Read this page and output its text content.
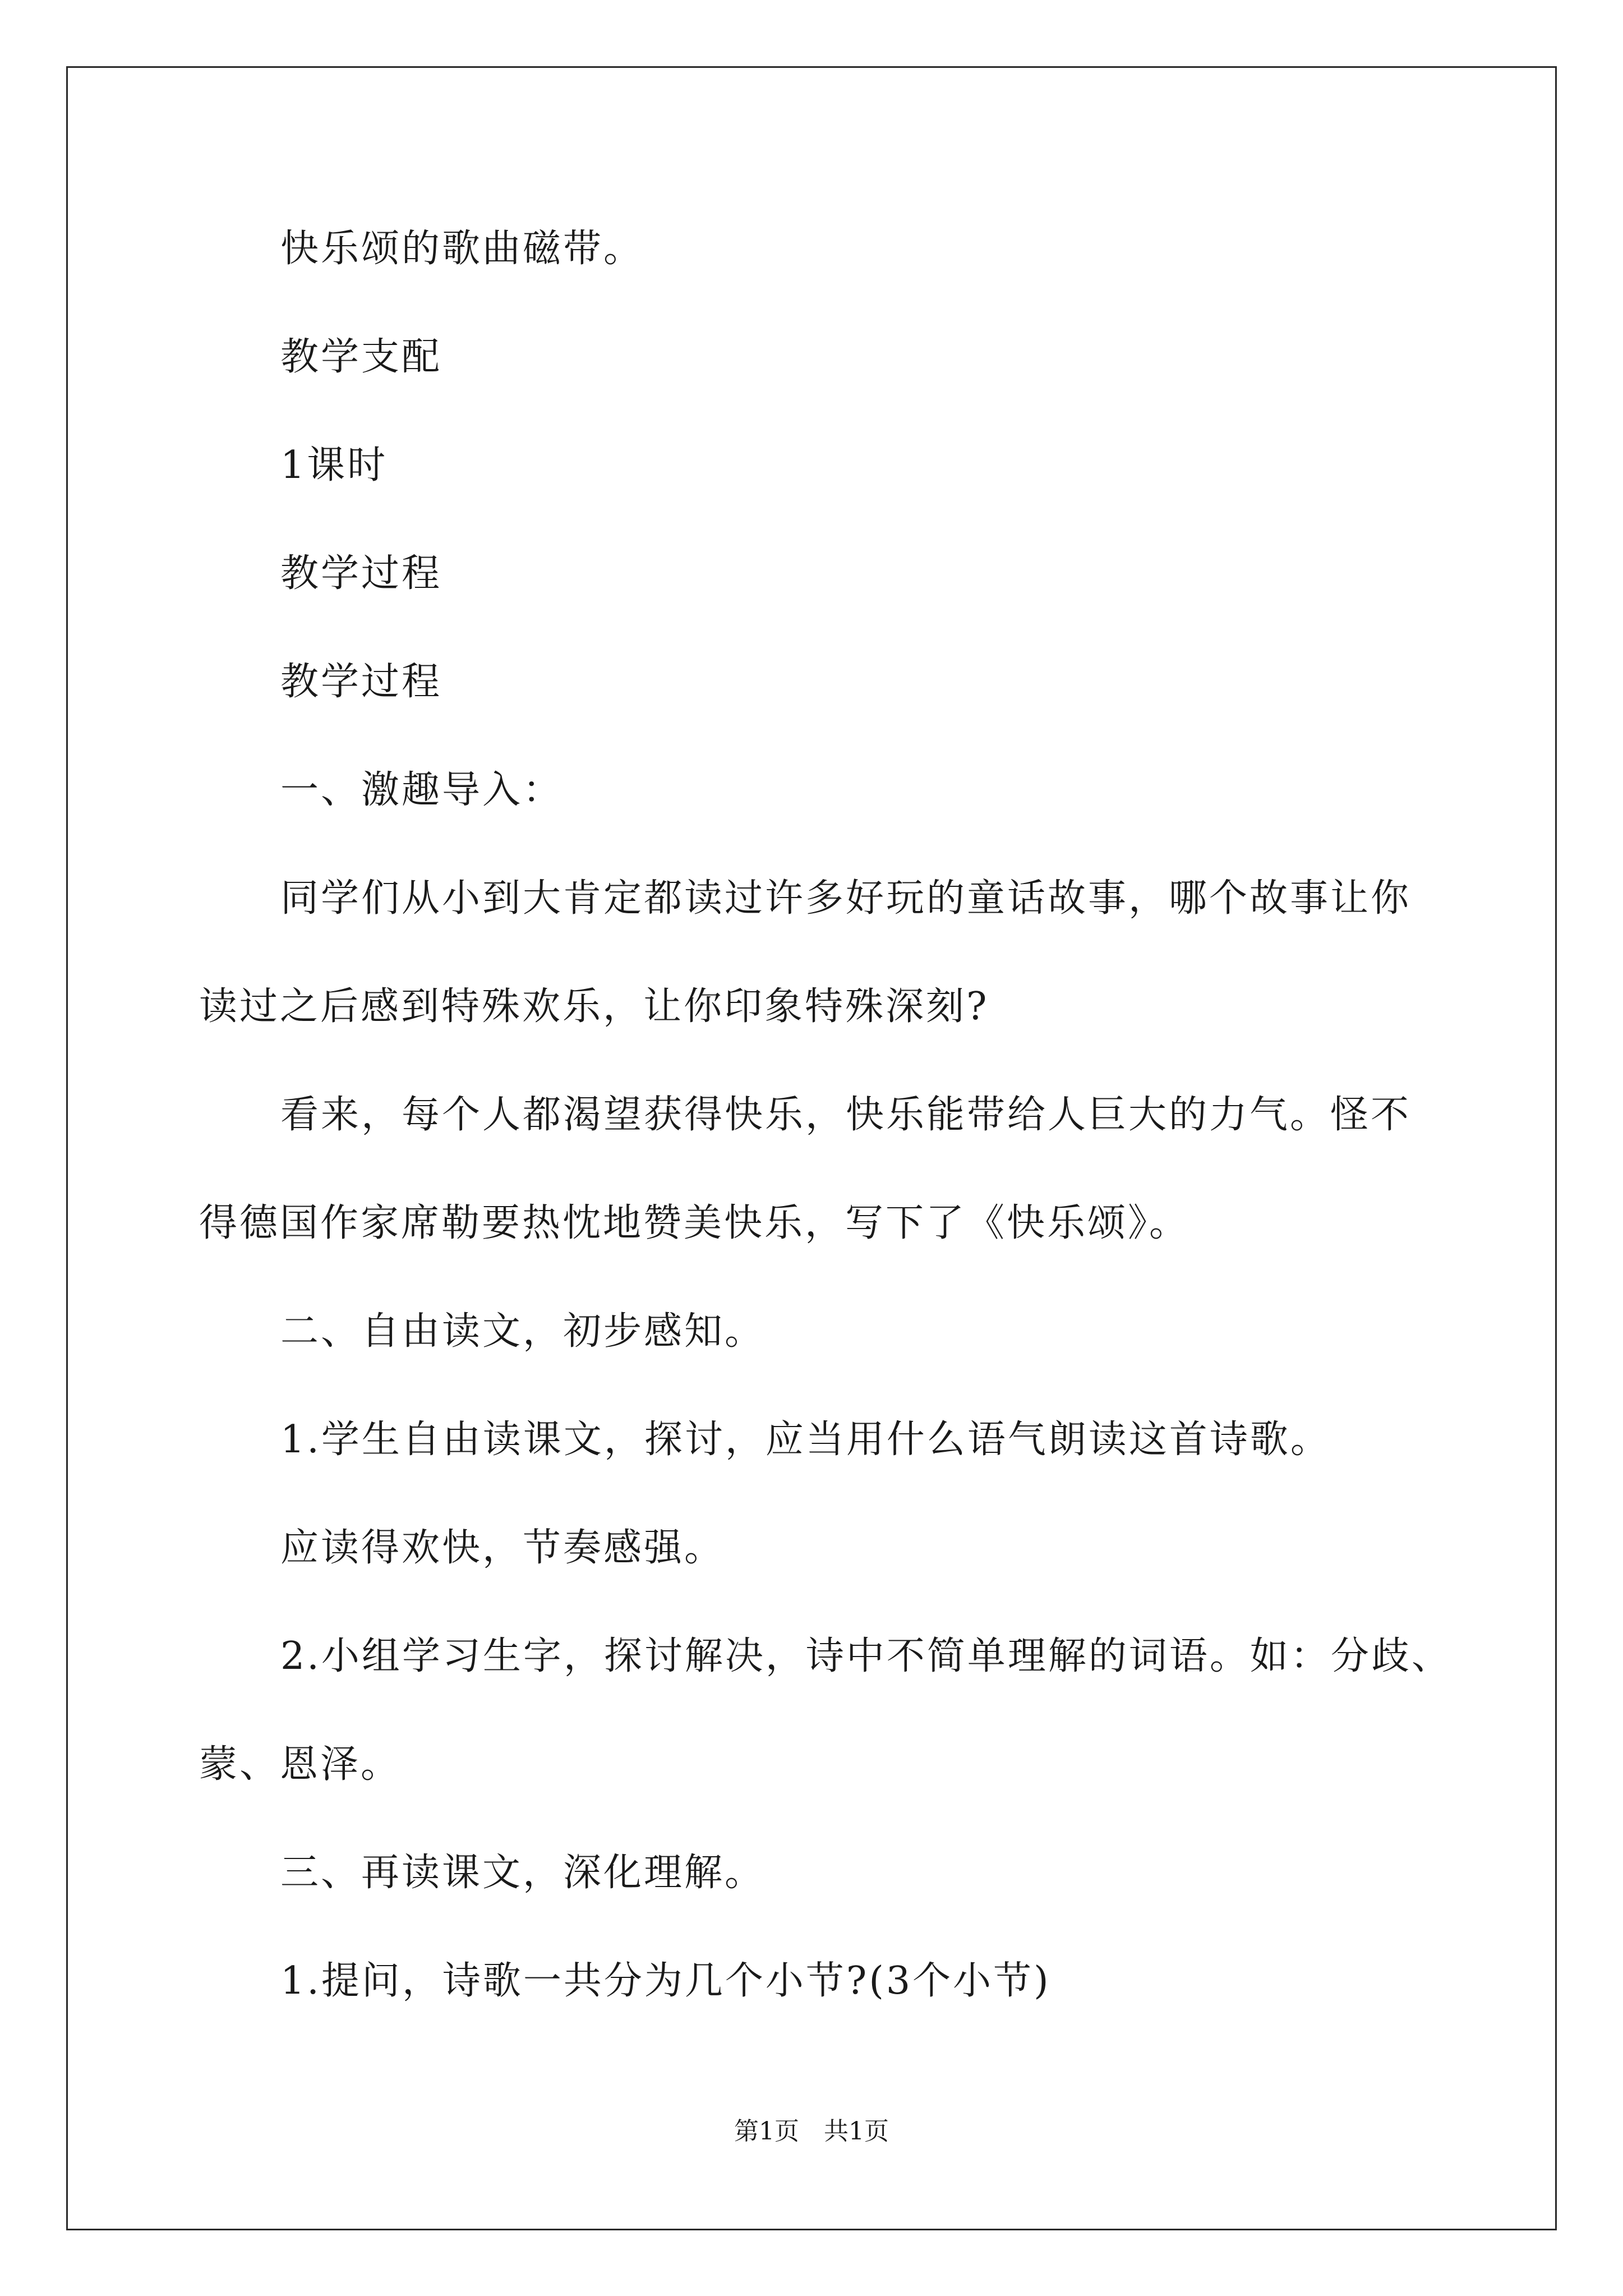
快乐颂的歌曲磁带。
教学支配
1课时
教学过程
教学过程
一、激趣导入：
同学们从小到大肯定都读过许多好玩的童话故事，哪个故事让你
读过之后感到特殊欢乐，让你印象特殊深刻?
看来，每个人都渴望获得快乐，快乐能带给人巨大的力气。怪不
得德国作家席勒要热忱地赞美快乐，写下了《快乐颂》。
二、自由读文，初步感知。
1.学生自由读课文，探讨，应当用什么语气朗读这首诗歌。
应读得欢快，节奏感强。
2.小组学习生字，探讨解决，诗中不简单理解的词语。如：分歧、
蒙、恩泽。
三、再读课文，深化理解。
1.提问，诗歌一共分为几个小节?(3个小节)
第1页　共1页
